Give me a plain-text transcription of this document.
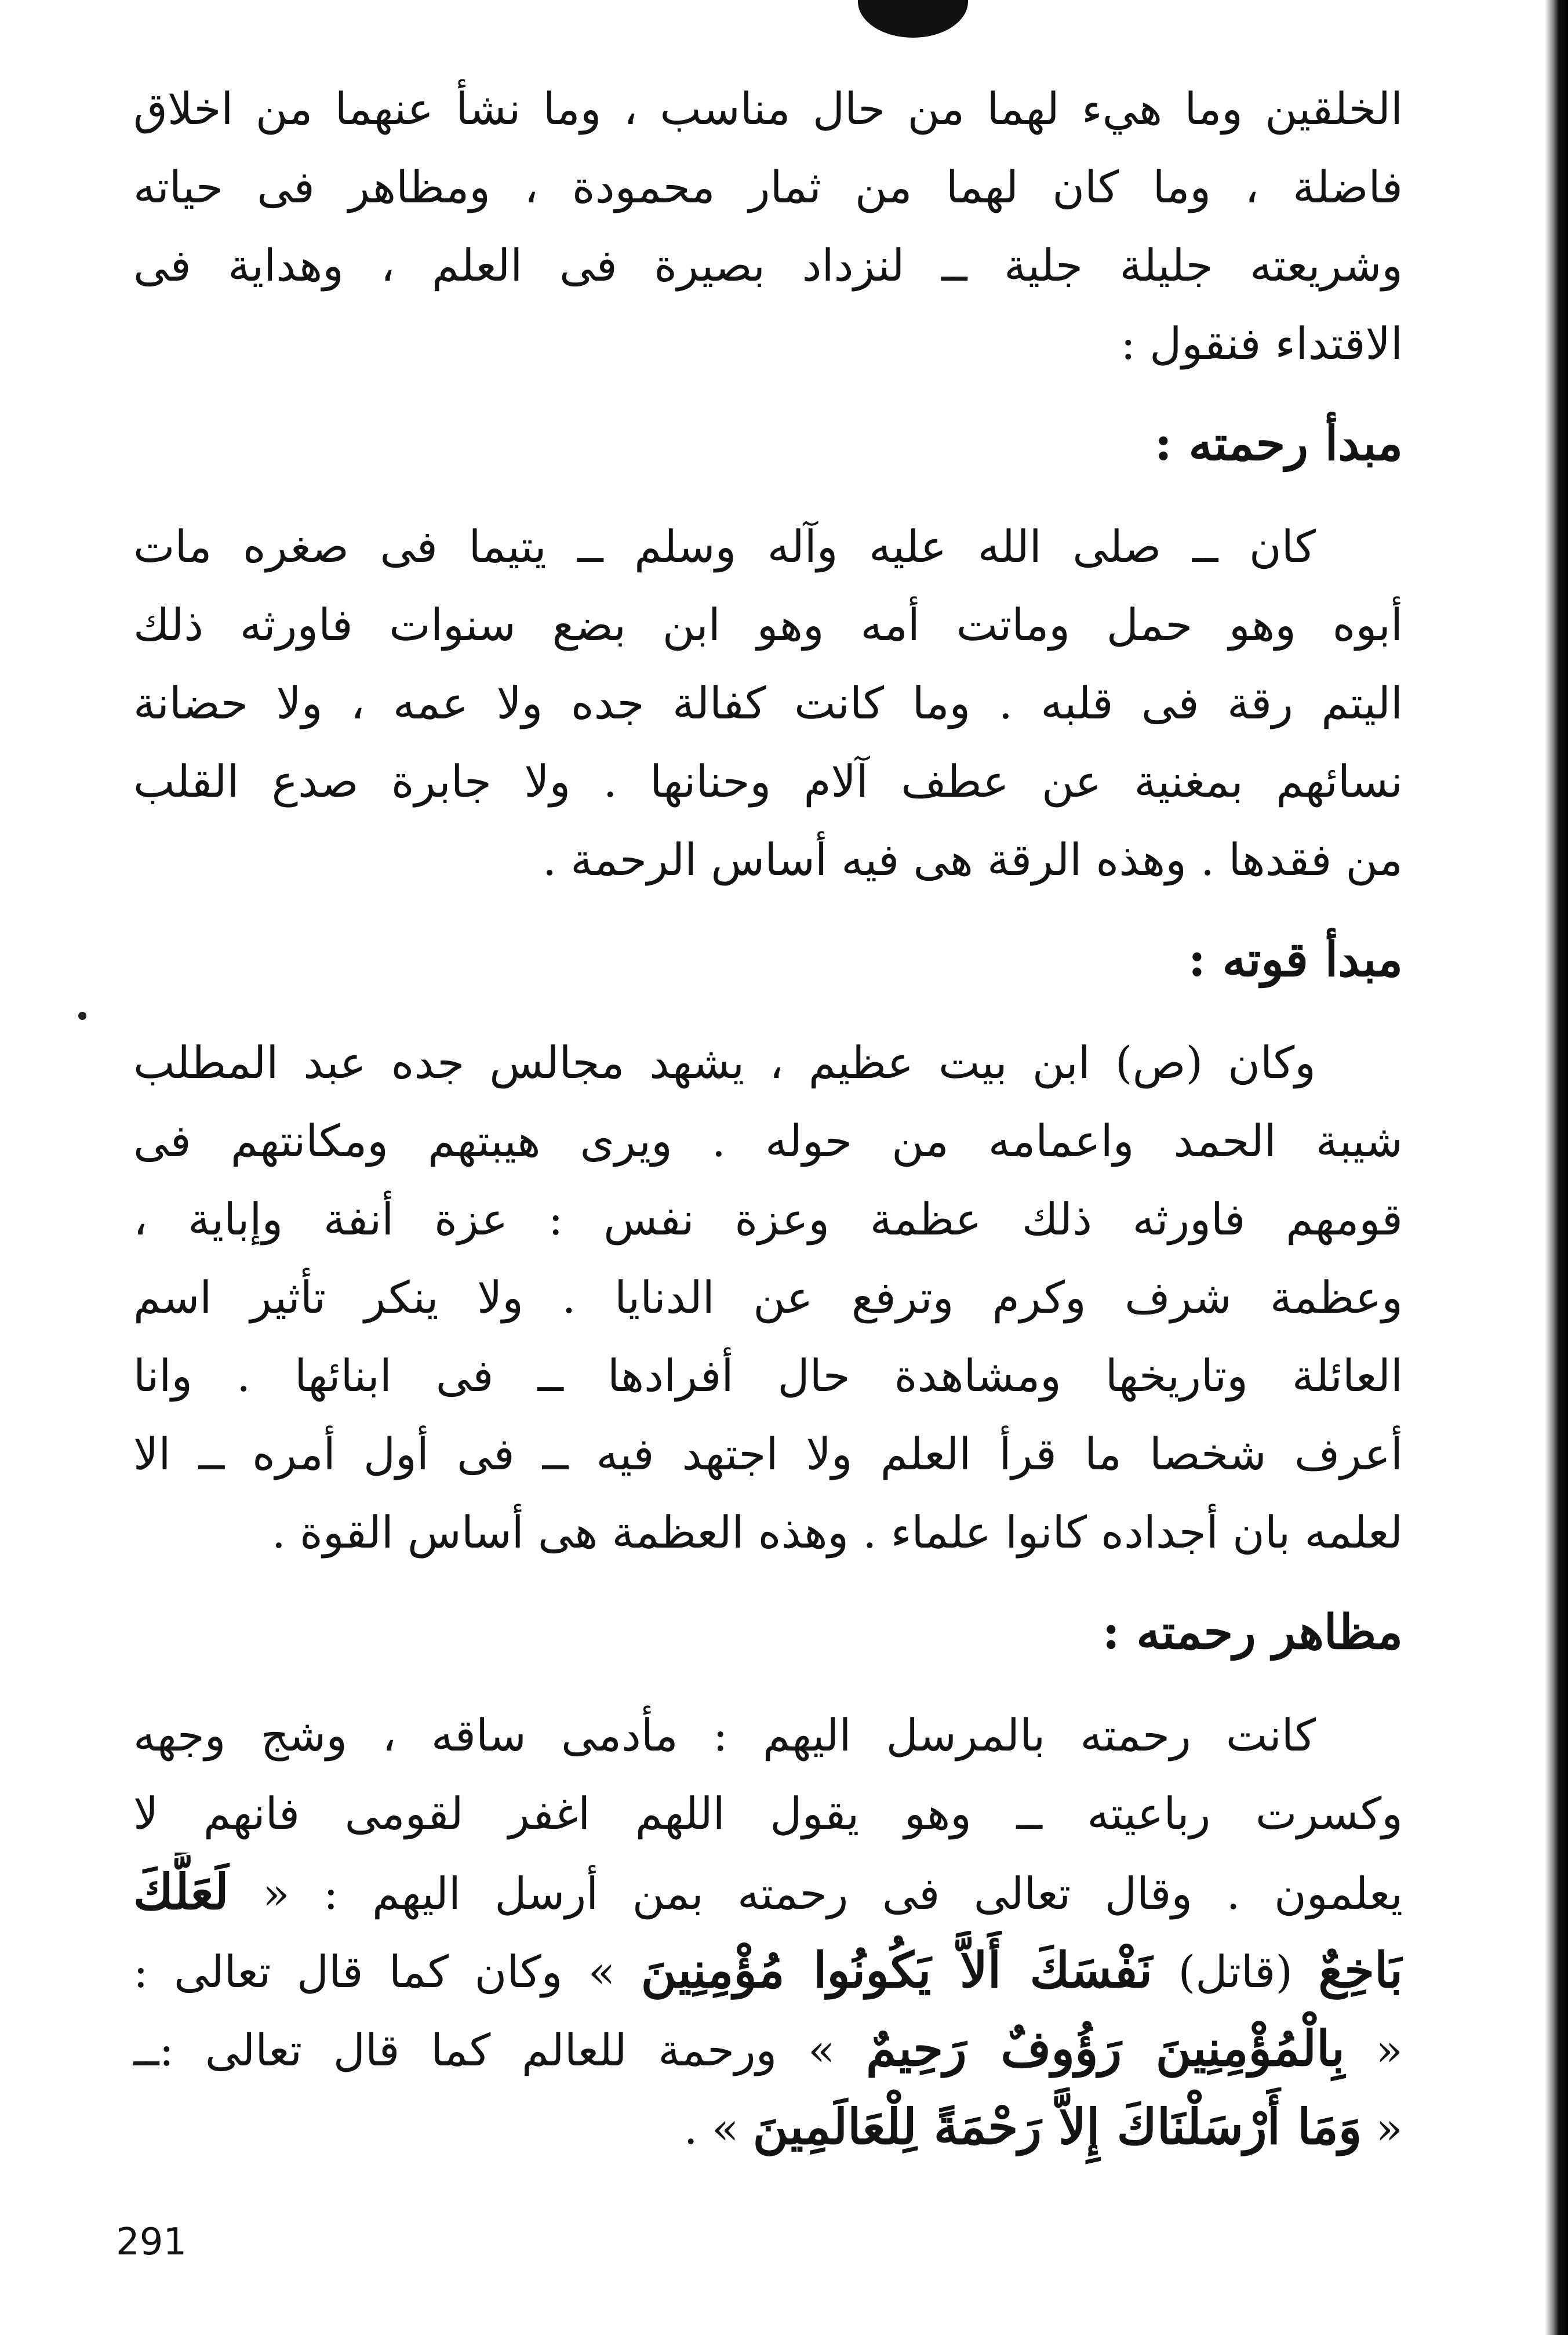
الخلقين وما هيء لهما من حال مناسب ، وما نشأ عنهما من اخلاق
فاضلة ، وما كان لهما من ثمار محمودة ، ومظاهر فى حياته
وشريعته جليلة جلية ــ لنزداد بصيرة فى العلم ، وهداية فى
الاقتداء فنقول :
مبدأ رحمته :
كان ــ صلى الله عليه وآله وسلم ــ يتيما فى صغره مات
أبوه وهو حمل وماتت أمه وهو ابن بضع سنوات فاورثه ذلك
اليتم رقة فى قلبه . وما كانت كفالة جده ولا عمه ، ولا حضانة
نسائهم بمغنية عن عطف آلام وحنانها . ولا جابرة صدع القلب
من فقدها . وهذه الرقة هى فيه أساس الرحمة .
مبدأ قوته :
وكان (ص) ابن بيت عظيم ، يشهد مجالس جده عبد المطلب
شيبة الحمد واعمامه من حوله . ويرى هيبتهم ومكانتهم فى
قومهم فاورثه ذلك عظمة وعزة نفس : عزة أنفة وإباية ،
وعظمة شرف وكرم وترفع عن الدنايا . ولا ينكر تأثير اسم
العائلة وتاريخها ومشاهدة حال أفرادها ــ فى ابنائها . وانا
أعرف شخصا ما قرأ العلم ولا اجتهد فيه ــ فى أول أمره ــ الا
لعلمه بان أجداده كانوا علماء . وهذه العظمة هى أساس القوة .
مظاهر رحمته :
كانت رحمته بالمرسل اليهم : مأدمى ساقه ، وشج وجهه
وكسرت رباعيته ــ وهو يقول اللهم اغفر لقومى فانهم لا
يعلمون . وقال تعالى فى رحمته بمن أرسل اليهم : « لَعَلَّكَ
بَاخِعٌ (قاتل) نَفْسَكَ أَلاَّ يَكُونُوا مُؤْمِنِينَ » وكان كما قال تعالى :
« بِالْمُؤْمِنِينَ رَؤُوفٌ رَحِيمٌ » ورحمة للعالم كما قال تعالى :ــ
« وَمَا أَرْسَلْنَاكَ إِلاَّ رَحْمَةً لِلْعَالَمِينَ » .
291
